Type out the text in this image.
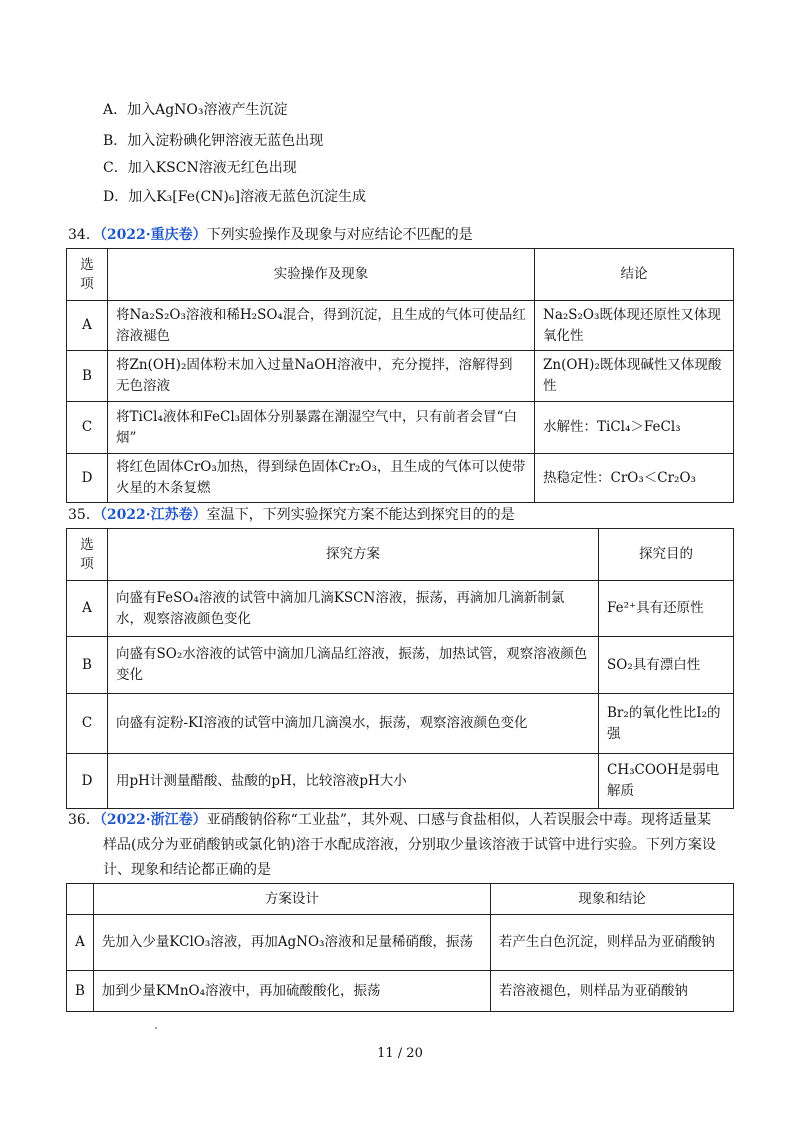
A．加入AgNO₃溶液产生沉淀
B．加入淀粉碘化钾溶液无蓝色出现
C．加入KSCN溶液无红色出现
D．加入K₃[Fe(CN)₆]溶液无蓝色沉淀生成
34．（2022·重庆卷）下列实验操作及现象与对应结论不匹配的是
选项	实验操作及现象	结论
A	将Na₂S₂O₃溶液和稀H₂SO₄混合，得到沉淀，且生成的气体可使品红溶液褪色	Na₂S₂O₃既体现还原性又体现氧化性
B	将Zn(OH)₂固体粉末加入过量NaOH溶液中，充分搅拌，溶解得到无色溶液	Zn(OH)₂既体现碱性又体现酸性
C	将TiCl₄液体和FeCl₃固体分别暴露在潮湿空气中，只有前者会冒“白烟”	水解性：TiCl₄＞FeCl₃
D	将红色固体CrO₃加热，得到绿色固体Cr₂O₃，且生成的气体可以使带火星的木条复燃	热稳定性：CrO₃＜Cr₂O₃
35．（2022·江苏卷）室温下，下列实验探究方案不能达到探究目的的是
选项	探究方案	探究目的
A	向盛有FeSO₄溶液的试管中滴加几滴KSCN溶液，振荡，再滴加几滴新制氯水，观察溶液颜色变化	Fe²⁺具有还原性
B	向盛有SO₂水溶液的试管中滴加几滴品红溶液，振荡，加热试管，观察溶液颜色变化	SO₂具有漂白性
C	向盛有淀粉-KI溶液的试管中滴加几滴溴水，振荡，观察溶液颜色变化	Br₂的氧化性比I₂的强
D	用pH计测量醋酸、盐酸的pH，比较溶液pH大小	CH₃COOH是弱电解质
36．（2022·浙江卷）亚硝酸钠俗称“工业盐”，其外观、口感与食盐相似，人若误服会中毒。现将适量某
样品(成分为亚硝酸钠或氯化钠)溶于水配成溶液，分别取少量该溶液于试管中进行实验。下列方案设
计、现象和结论都正确的是
	方案设计	现象和结论
A	先加入少量KClO₃溶液，再加AgNO₃溶液和足量稀硝酸，振荡	若产生白色沉淀，则样品为亚硝酸钠
B	加到少量KMnO₄溶液中，再加硫酸酸化，振荡	若溶液褪色，则样品为亚硝酸钠
11 / 20
